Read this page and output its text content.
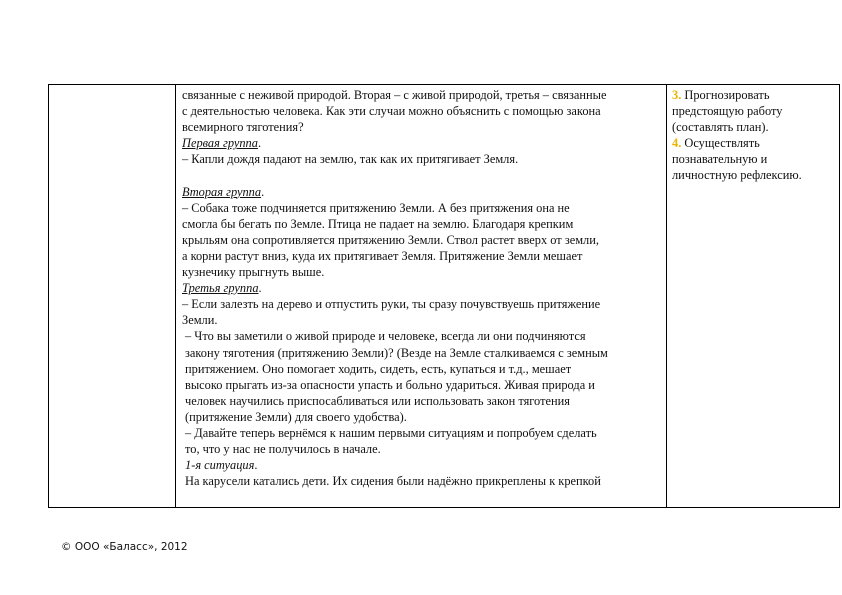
связанные с неживой природой. Вторая – с живой природой, третья – связанные
с деятельностью человека. Как эти случаи можно объяснить с помощью закона
всемирного тяготения?
Первая группа.
– Капли дождя падают на землю, так как их притягивает Земля.
Вторая группа.
– Собака тоже подчиняется притяжению Земли. А без притяжения она не
смогла бы бегать по Земле. Птица не падает на землю. Благодаря крепким
крыльям она сопротивляется притяжению Земли. Ствол растет вверх от земли,
а корни растут вниз, куда их притягивает Земля. Притяжение Земли мешает
кузнечику прыгнуть выше.
Третья группа.
– Если залезть на дерево и отпустить руки, ты сразу почувствуешь притяжение
Земли.
– Что вы заметили о живой природе и человеке, всегда ли они подчиняются
закону тяготения (притяжению Земли)? (Везде на Земле сталкиваемся с земным
притяжением. Оно помогает ходить, сидеть, есть, купаться и т.д., мешает
высоко прыгать из-за опасности упасть и больно удариться. Живая природа и
человек научились приспосабливаться или использовать закон тяготения
(притяжение Земли) для своего удобства).
– Давайте теперь вернёмся к нашим первыми ситуациям и попробуем сделать
то, что у нас не получилось в начале.
1-я ситуация.
На карусели катались дети. Их сидения были надёжно прикреплены к крепкой
3. Прогнозировать
предстоящую работу
(составлять план).
4. Осуществлять
познавательную и
личностную рефлексию.
© ООО «Баласс», 2012
